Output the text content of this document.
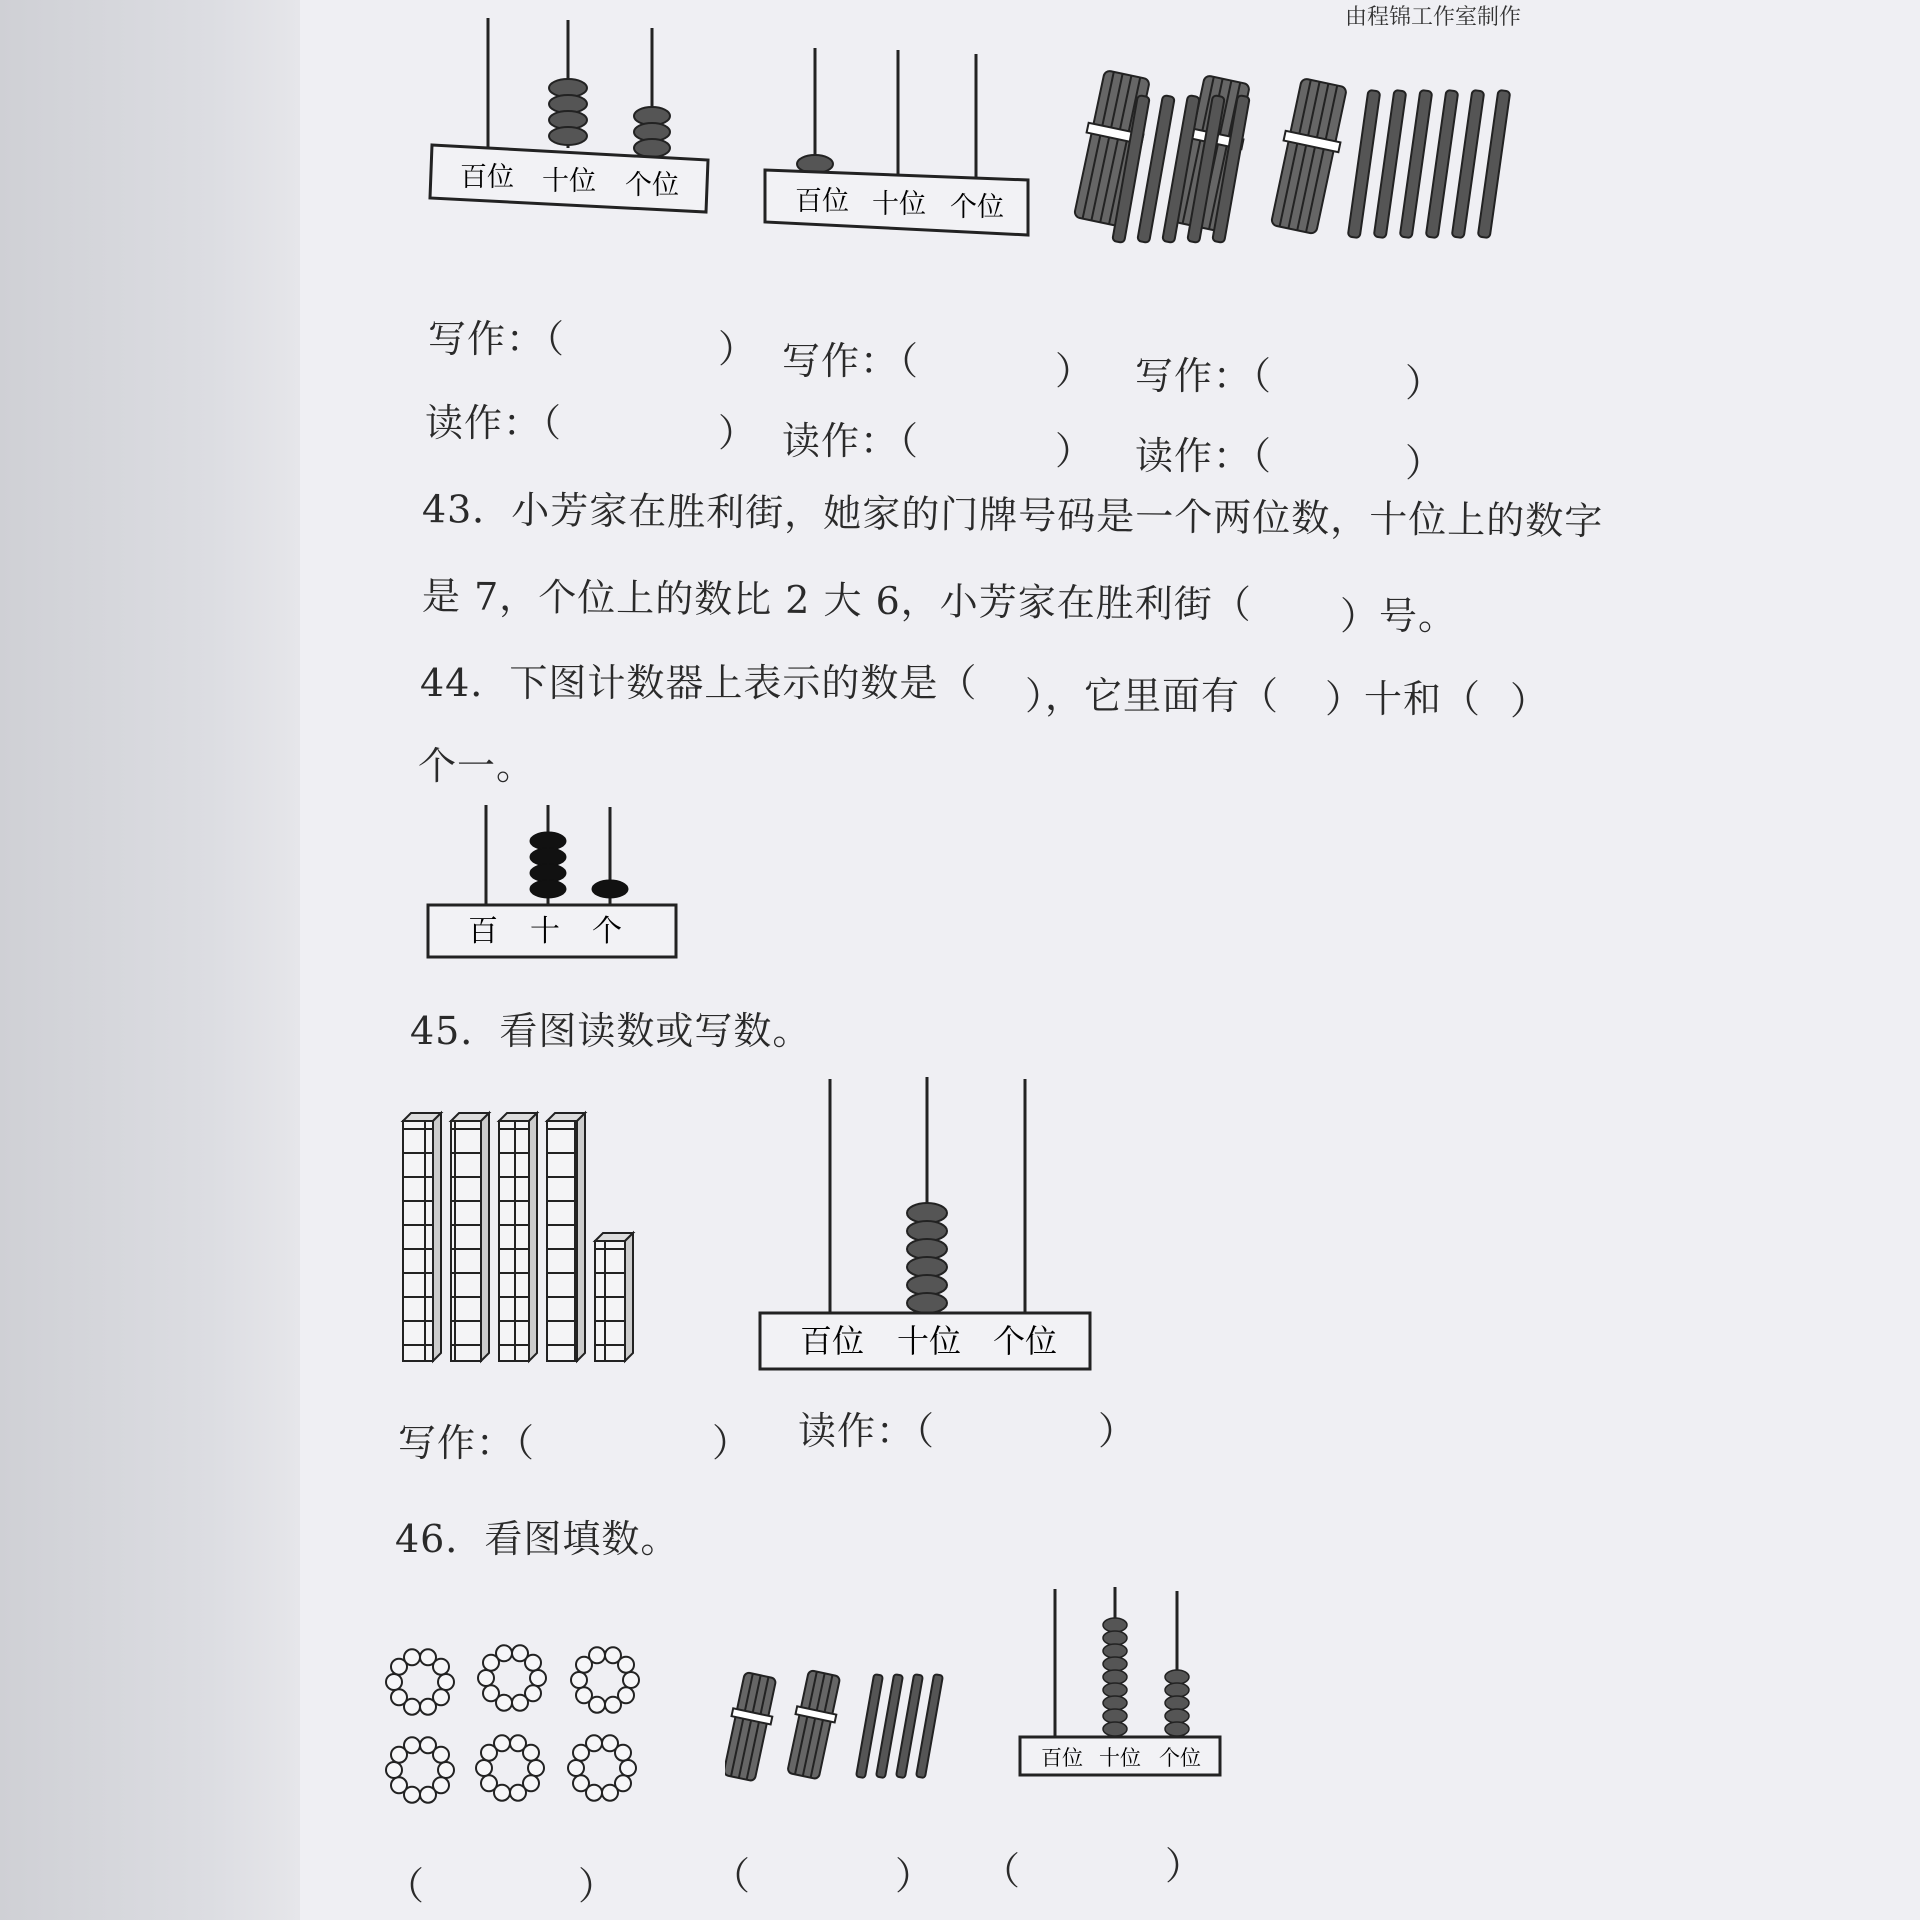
由程锦工作室制作
百位 十位 个位
百位 十位 个位
写作：（	） 写作：（	） 写作：（	）
读作：（	） 读作：（	） 读作：（	）
43．小芳家在胜利街，她家的门牌号码是一个两位数，十位上的数字
是 7，个位上的数比 2 大 6，小芳家在胜利街（ ）号。
44．下图计数器上表示的数是（ ），它里面有（ ）十和（ ）
个一。
百 十 个
45．看图读数或写数。
百位 十位 个位
写作：（	） 读作：（	）
46．看图填数。
百位 十位 个位
（	）	（	） （	）
